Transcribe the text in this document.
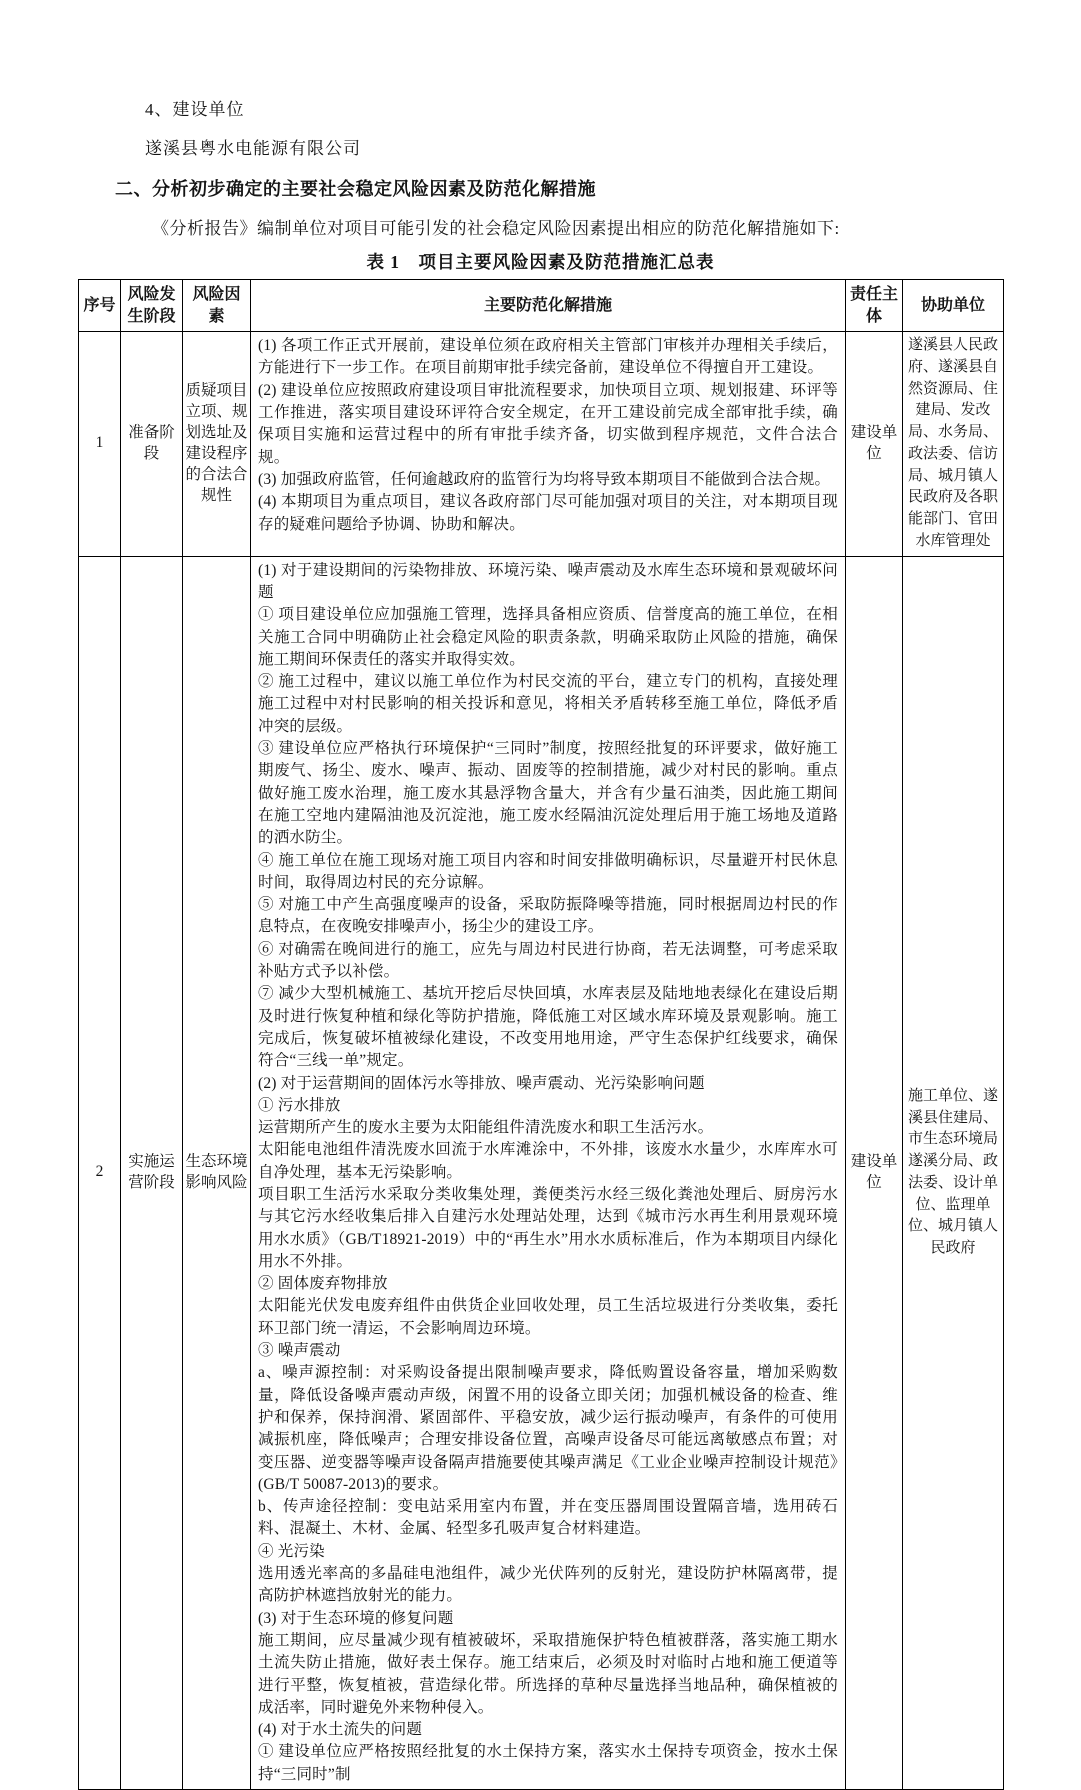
4、建设单位

遂溪县粤水电能源有限公司

二、分析初步确定的主要社会稳定风险因素及防范化解措施

《分析报告》编制单位对项目可能引发的社会稳定风险因素提出相应的防范化解措施如下:

表 1　项目主要风险因素及防范措施汇总表
序号	风险发生阶段	风险因素	主要防范化解措施	责任主体	协助单位
1	准备阶段	质疑项目立项、规划选址及建设程序的合法合规性	(1) 各项工作正式开展前，建设单位须在政府相关主管部门审核并办理相关手续后，方能进行下一步工作。在项目前期审批手续完备前，建设单位不得擅自开工建设。

(2) 建设单位应按照政府建设项目审批流程要求，加快项目立项、规划报建、环评等工作推进，落实项目建设环评符合安全规定，在开工建设前完成全部审批手续，确保项目实施和运营过程中的所有审批手续齐备，切实做到程序规范，文件合法合规。

(3) 加强政府监管，任何逾越政府的监管行为均将导致本期项目不能做到合法合规。

(4) 本期项目为重点项目，建议各政府部门尽可能加强对项目的关注，对本期项目现存的疑难问题给予协调、协助和解决。	建设单位	遂溪县人民政府、遂溪县自然资源局、住建局、发改局、水务局、政法委、信访局、城月镇人民政府及各职能部门、官田水库管理处
2	实施运营阶段	生态环境影响风险	

(1) 对于建设期间的污染物排放、环境污染、噪声震动及水库生态环境和景观破坏问题

① 项目建设单位应加强施工管理，选择具备相应资质、信誉度高的施工单位，在相关施工合同中明确防止社会稳定风险的职责条款，明确采取防止风险的措施，确保施工期间环保责任的落实并取得实效。

② 施工过程中，建议以施工单位作为村民交流的平台，建立专门的机构，直接处理施工过程中对村民影响的相关投诉和意见，将相关矛盾转移至施工单位，降低矛盾冲突的层级。

③ 建设单位应严格执行环境保护“三同时”制度，按照经批复的环评要求，做好施工期废气、扬尘、废水、噪声、振动、固废等的控制措施，减少对村民的影响。重点做好施工废水治理，施工废水其悬浮物含量大，并含有少量石油类，因此施工期间在施工空地内建隔油池及沉淀池，施工废水经隔油沉淀处理后用于施工场地及道路的洒水防尘。

④ 施工单位在施工现场对施工项目内容和时间安排做明确标识，尽量避开村民休息时间，取得周边村民的充分谅解。

⑤ 对施工中产生高强度噪声的设备，采取防振降噪等措施，同时根据周边村民的作息特点，在夜晚安排噪声小，扬尘少的建设工序。

⑥ 对确需在晚间进行的施工，应先与周边村民进行协商，若无法调整，可考虑采取补贴方式予以补偿。

⑦ 减少大型机械施工、基坑开挖后尽快回填，水库表层及陆地地表绿化在建设后期及时进行恢复种植和绿化等防护措施，降低施工对区域水库环境及景观影响。施工完成后，恢复破坏植被绿化建设，不改变用地用途，严守生态保护红线要求，确保符合“三线一单”规定。

(2) 对于运营期间的固体污水等排放、噪声震动、光污染影响问题

① 污水排放

运营期所产生的废水主要为太阳能组件清洗废水和职工生活污水。

太阳能电池组件清洗废水回流于水库滩涂中，不外排，该废水水量少，水库库水可自净处理，基本无污染影响。

项目职工生活污水采取分类收集处理，粪便类污水经三级化粪池处理后、厨房污水与其它污水经收集后排入自建污水处理站处理，达到《城市污水再生利用景观环境用水水质》（GB/T18921-2019）中的“再生水”用水水质标准后，作为本期项目内绿化用水不外排。

② 固体废弃物排放

太阳能光伏发电废弃组件由供货企业回收处理，员工生活垃圾进行分类收集，委托环卫部门统一清运，不会影响周边环境。

③ 噪声震动

a、噪声源控制：对采购设备提出限制噪声要求，降低购置设备容量，增加采购数量，降低设备噪声震动声级，闲置不用的设备立即关闭；加强机械设备的检查、维护和保养，保持润滑、紧固部件、平稳安放，减少运行振动噪声，有条件的可使用减振机座，降低噪声；合理安排设备位置，高噪声设备尽可能远离敏感点布置；对变压器、逆变器等噪声设备隔声措施要使其噪声满足《工业企业噪声控制设计规范》(GB/T 50087-2013)的要求。

b、传声途径控制：变电站采用室内布置，并在变压器周围设置隔音墙，选用砖石料、混凝土、木材、金属、轻型多孔吸声复合材料建造。

④ 光污染

选用透光率高的多晶硅电池组件，减少光伏阵列的反射光，建设防护林隔离带，提高防护林遮挡放射光的能力。

(3) 对于生态环境的修复问题

施工期间，应尽量减少现有植被破坏，采取措施保护特色植被群落，落实施工期水土流失防止措施，做好表土保存。施工结束后，必须及时对临时占地和施工便道等进行平整，恢复植被，营造绿化带。所选择的草种尽量选择当地品种，确保植被的成活率，同时避免外来物种侵入。

(4) 对于水土流失的问题

① 建设单位应严格按照经批复的水土保持方案，落实水土保持专项资金，按水土保持“三同时”制

	建设单位	施工单位、遂溪县住建局、市生态环境局遂溪分局、政法委、设计单位、监理单位、城月镇人民政府
